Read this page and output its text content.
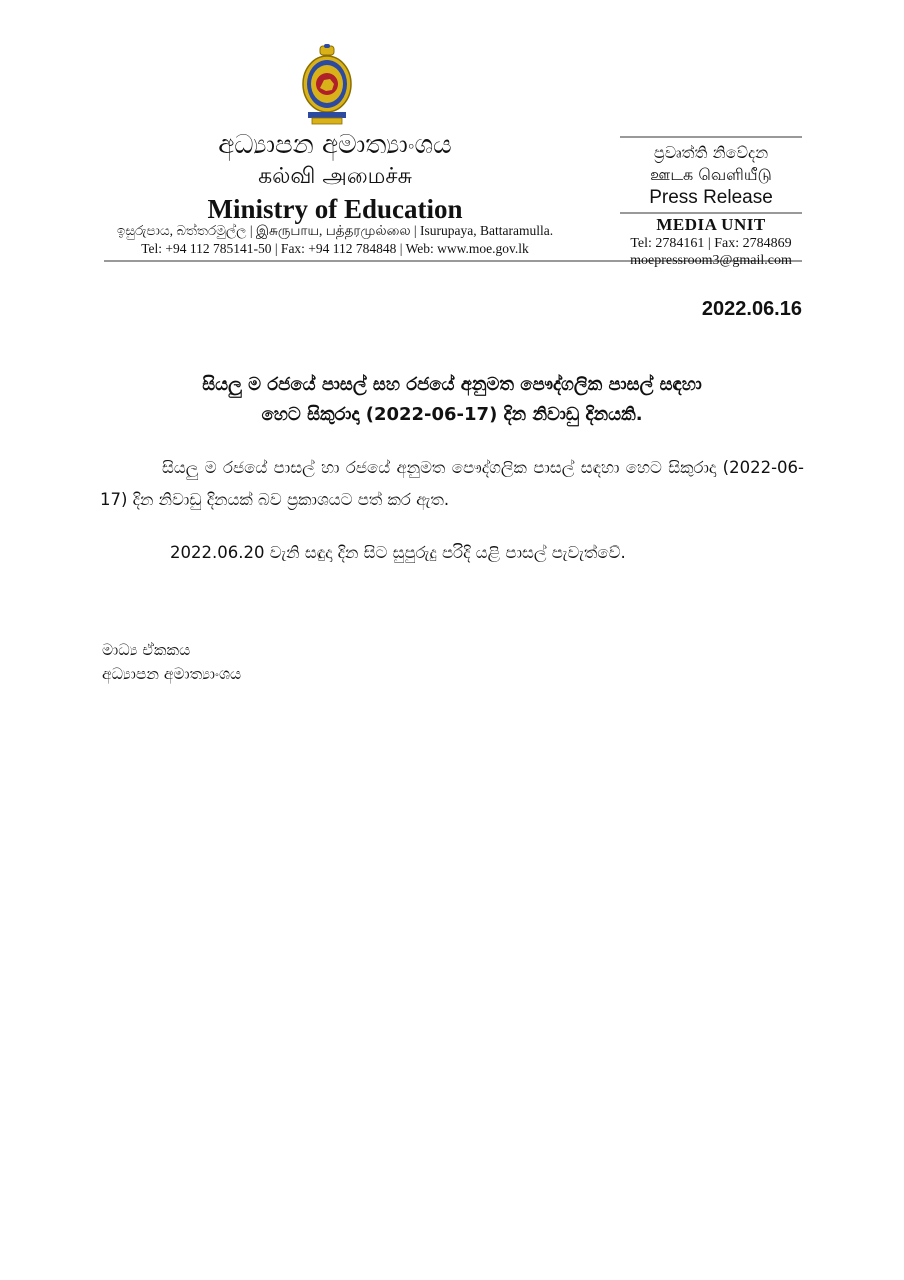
අධ්‍යාපන අමාත්‍යාංශය
கல்வி அமைச்சு
Ministry of Education
ඉසුරුපාය, බත්තරමුල්ල | இசுருபாய, பத்தரமுல்லை | Isurupaya, Battaramulla.
Tel: +94 112 785141-50 | Fax: +94 112 784848 | Web: www.moe.gov.lk
ප්‍රවෘත්ති නිවේදන
ஊடக வெளியீடு
Press Release
MEDIA UNIT
Tel: 2784161 | Fax: 2784869
moepressroom3@gmail.com
2022.06.16
සියලු ම රජයේ පාසල් සහ රජයේ අනුමත පෞද්ගලික පාසල් සඳහා
හෙට සිකුරාදා (2022-06-17) දින නිවාඩු දිනයකි.
සියලු ම රජයේ පාසල් හා රජයේ අනුමත පෞද්ගලික පාසල් සඳහා හෙට සිකුරාදා (2022-06-17) දින නිවාඩු දිනයක් බව ප්‍රකාශයට පත් කර ඇත.
2022.06.20 වැනි සඳුදා දින සිට සුපුරුදු පරිදි යළි පාසල් පැවැත්වේ.
මාධ්‍ය ඒකකය
අධ්‍යාපන අමාත්‍යාංශය
